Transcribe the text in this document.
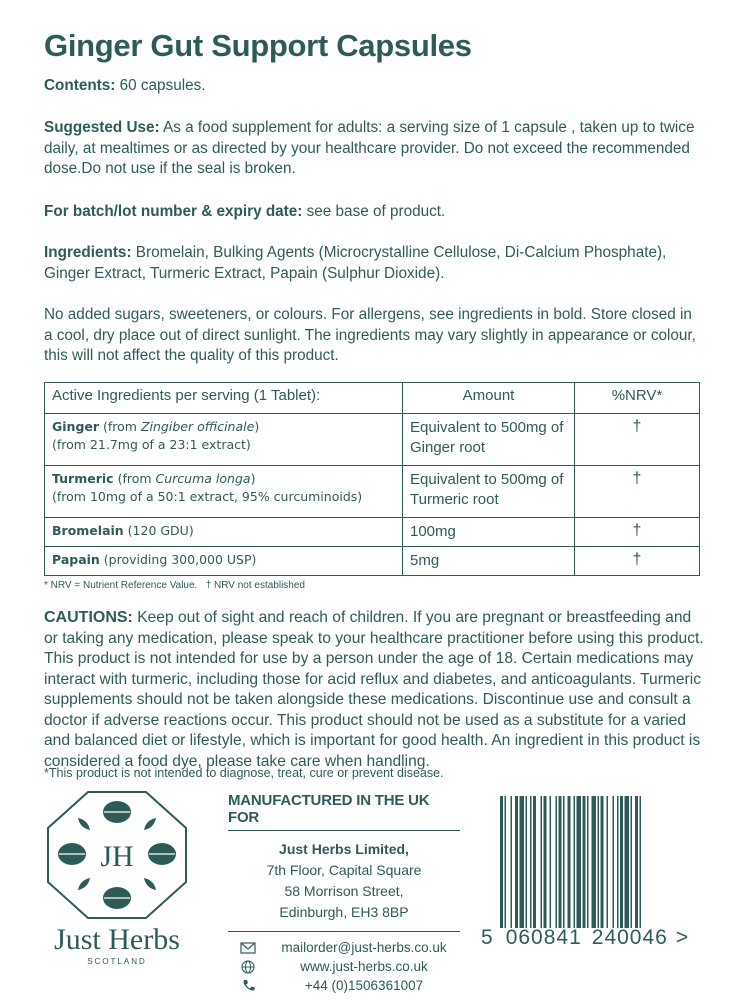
Ginger Gut Support Capsules
Contents: 60 capsules.
Suggested Use: As a food supplement for adults: a serving size of 1 capsule , taken up to twice daily, at mealtimes or as directed by your healthcare provider. Do not exceed the recommended dose.Do not use if the seal is broken.
For batch/lot number & expiry date: see base of product.
Ingredients: Bromelain, Bulking Agents (Microcrystalline Cellulose, Di-Calcium Phosphate), Ginger Extract, Turmeric Extract, Papain (Sulphur Dioxide).
No added sugars, sweeteners, or colours. For allergens, see ingredients in bold. Store closed in a cool, dry place out of direct sunlight. The ingredients may vary slightly in appearance or colour, this will not affect the quality of this product.
Active Ingredients per serving (1 Tablet):	Amount	%NRV*
Ginger (from Zingiber officinale)
(from 21.7mg of a 23:1 extract)	Equivalent to 500mg of Ginger root	†
Turmeric (from Curcuma longa)
(from 10mg of a 50:1 extract, 95% curcuminoids)	Equivalent to 500mg of Turmeric root	†
Bromelain (120 GDU)	100mg	†
Papain (providing 300,000 USP)	5mg	†
* NRV = Nutrient Reference Value.   † NRV not established
CAUTIONS: Keep out of sight and reach of children. If you are pregnant or breastfeeding and or taking any medication, please speak to your healthcare practitioner before using this product. This product is not intended for use by a person under the age of 18. Certain medications may interact with turmeric, including those for acid reflux and diabetes, and anticoagulants. Turmeric supplements should not be taken alongside these medications. Discontinue use and consult a doctor if adverse reactions occur. This product should not be used as a substitute for a varied and balanced diet or lifestyle, which is important for good health. An ingredient in this product is considered a food dye, please take care when handling.
*This product is not intended to diagnose, treat, cure or prevent disease.
JH
Just Herbs
SCOTLAND
MANUFACTURED IN THE UK FOR
Just Herbs Limited,
7th Floor, Capital Square
58 Morrison Street,
Edinburgh, EH3 8BP
mailorder@just-herbs.co.uk
www.just-herbs.co.uk
+44 (0)1506361007
5 060841 240046 >
